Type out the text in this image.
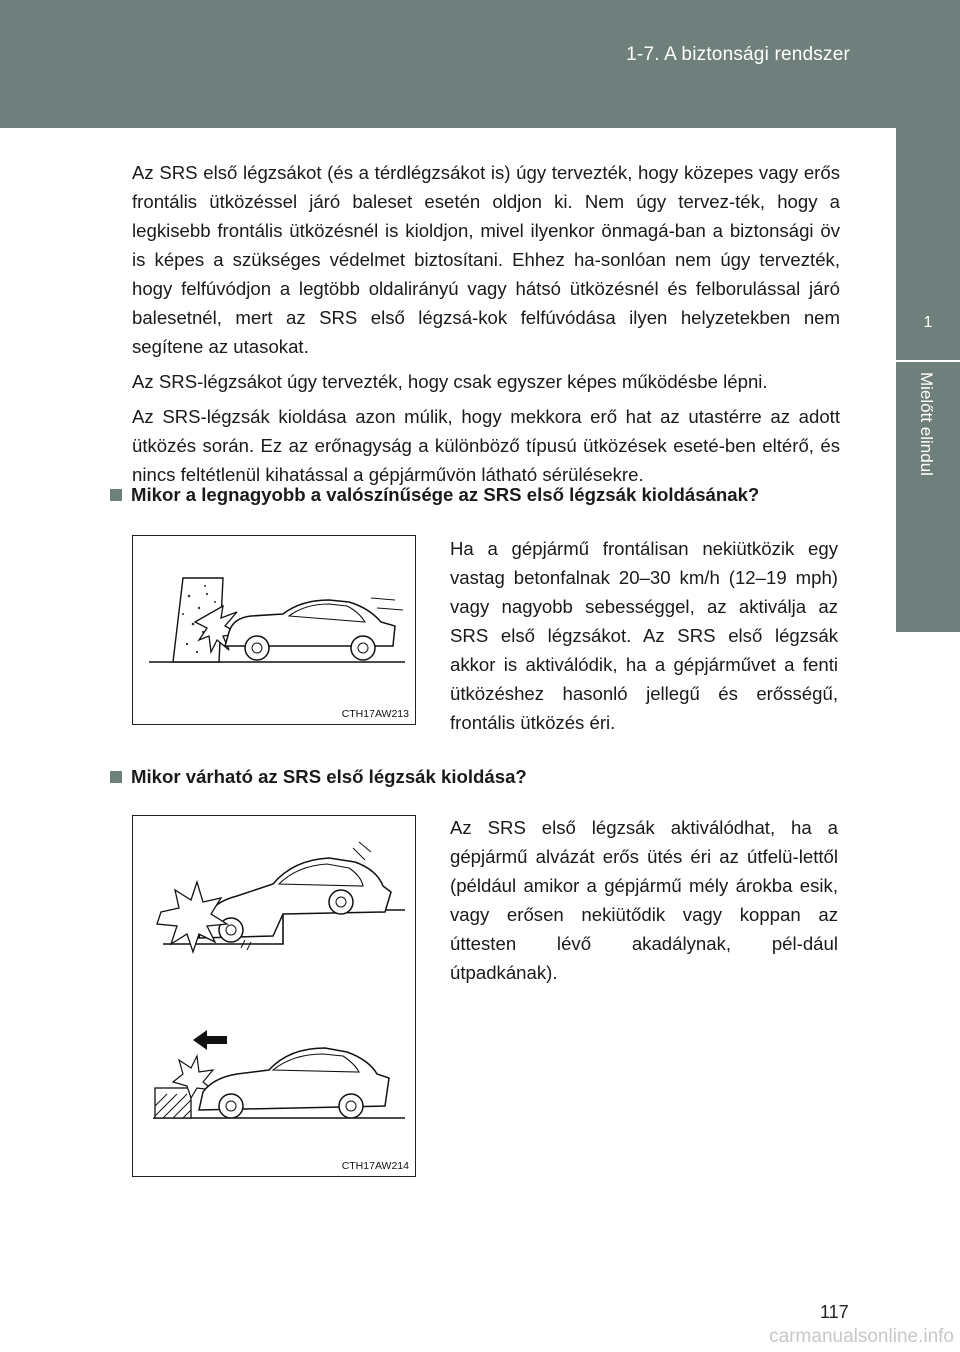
1-7. A biztonsági rendszer
1
Mielőtt elindul

Az SRS első légzsákot (és a térdlégzsákot is) úgy tervezték, hogy közepes vagy erős frontális ütközéssel járó baleset esetén oldjon ki. Nem úgy tervez-ték, hogy a legkisebb frontális ütközésnél is kioldjon, mivel ilyenkor önmagá-ban a biztonsági öv is képes a szükséges védelmet biztosítani. Ehhez ha-sonlóan nem úgy tervezték, hogy felfúvódjon a legtöbb oldalirányú vagy hátsó ütközésnél és felborulással járó balesetnél, mert az SRS első légzsá-kok felfúvódása ilyen helyzetekben nem segítene az utasokat.

Az SRS-légzsákot úgy tervezték, hogy csak egyszer képes működésbe lépni.

Az SRS-légzsák kioldása azon múlik, hogy mekkora erő hat az utastérre az adott ütközés során. Ez az erőnagyság a különböző típusú ütközések eseté-ben eltérő, és nincs feltétlenül kihatással a gépjárművön látható sérülésekre.

Mikor a legnagyobb a valószínűsége az SRS első légzsák kioldásának?
CTH17AW213
Ha a gépjármű frontálisan nekiütközik egy vastag betonfalnak 20–30 km/h (12–19 mph) vagy nagyobb sebességgel, az aktiválja az SRS első légzsákot. Az SRS első légzsák akkor is aktiválódik, ha a gépjárművet a fenti ütközéshez hasonló jellegű és erősségű, frontális ütközés éri.
Mikor várható az SRS első légzsák kioldása?
CTH17AW214
Az SRS első légzsák aktiválódhat, ha a gépjármű alvázát erős ütés éri az útfelü-lettől (például amikor a gépjármű mély árokba esik, vagy erősen nekiütődik vagy koppan az úttesten lévő akadálynak, pél-dául útpadkának).
117
carmanualsonline.info
